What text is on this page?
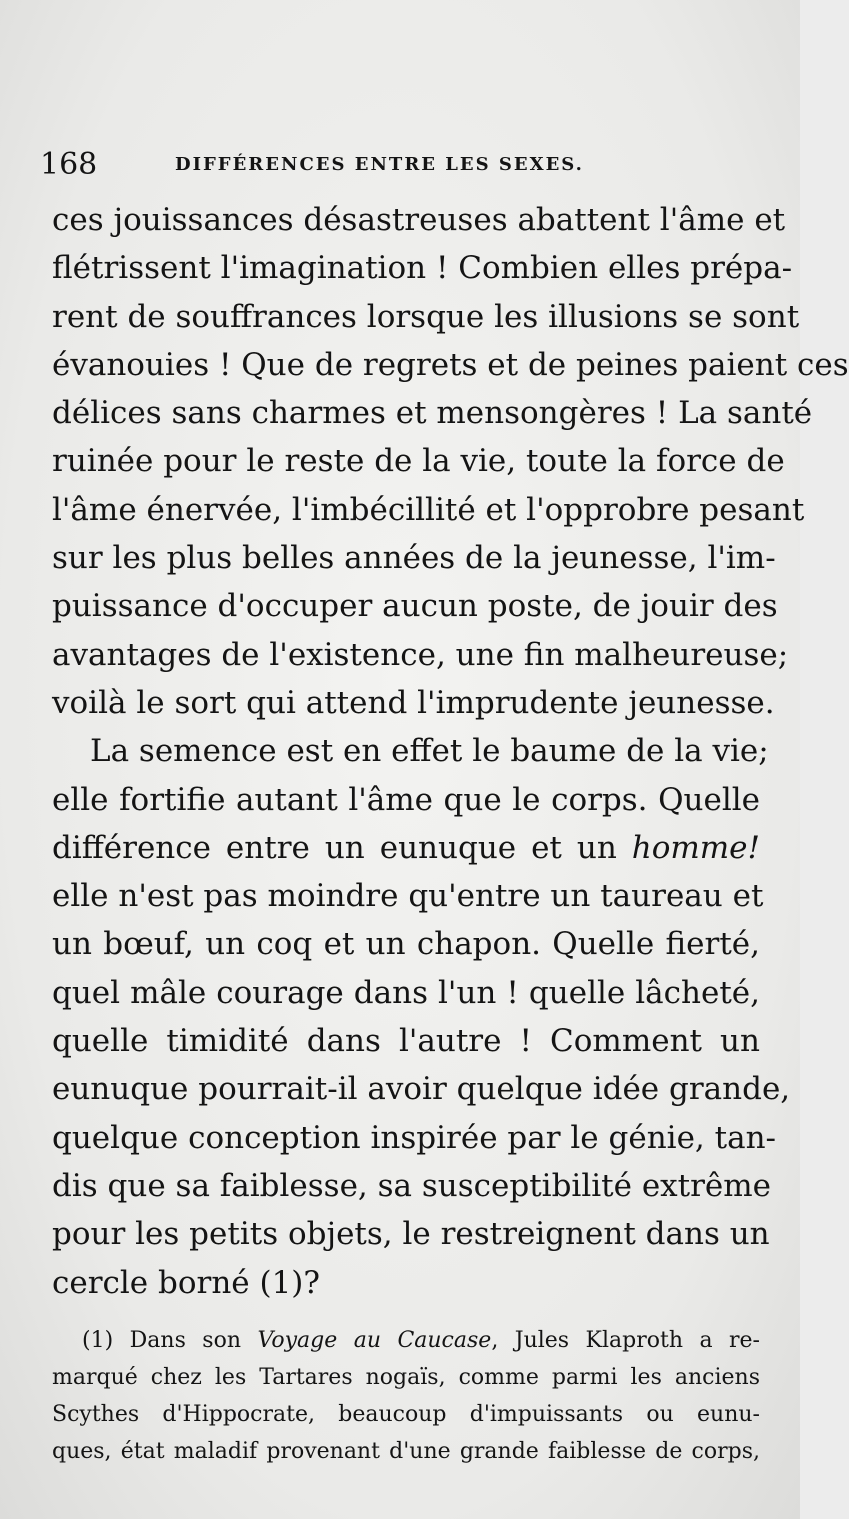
168	DIFFÉRENCES ENTRE LES SEXES.
ces jouissances désastreuses abattent l'âme et
flétrissent l'imagination ! Combien elles prépa-
rent de souffrances lorsque les illusions se sont
évanouies ! Que de regrets et de peines paient ces
délices sans charmes et mensongères ! La santé
ruinée pour le reste de la vie, toute la force de
l'âme énervée, l'imbécillité et l'opprobre pesant
sur les plus belles années de la jeunesse, l'im-
puissance d'occuper aucun poste, de jouir des
avantages de l'existence, une fin malheureuse;
voilà le sort qui attend l'imprudente jeunesse.
La semence est en effet le baume de la vie;
elle fortifie autant l'âme que le corps. Quelle
différence entre un eunuque et un homme!
elle n'est pas moindre qu'entre un taureau et
un bœuf, un coq et un chapon. Quelle fierté,
quel mâle courage dans l'un ! quelle lâcheté,
quelle timidité dans l'autre ! Comment un
eunuque pourrait-il avoir quelque idée grande,
quelque conception inspirée par le génie, tan-
dis que sa faiblesse, sa susceptibilité extrême
pour les petits objets, le restreignent dans un
cercle borné (1)?
(1) Dans son Voyage au Caucase, Jules Klaproth a re-
marqué chez les Tartares nogaïs, comme parmi les anciens
Scythes d'Hippocrate, beaucoup d'impuissants ou eunu-
ques, état maladif provenant d'une grande faiblesse de corps,
